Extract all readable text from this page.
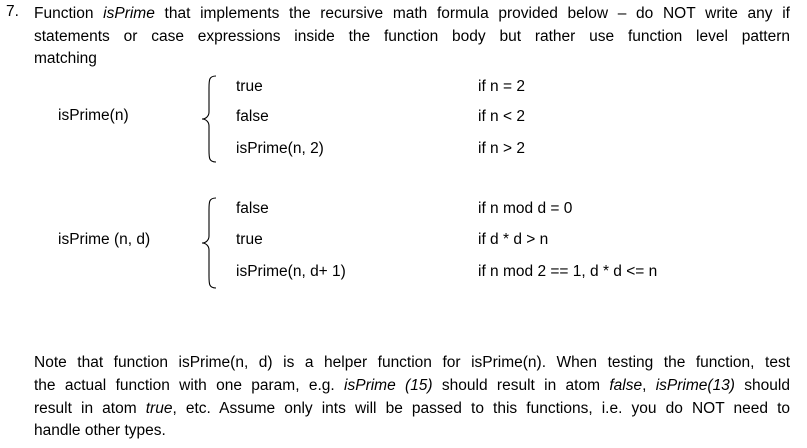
7. Function isPrime that implements the recursive math formula provided below – do NOT write any if
statements or case expressions inside the function body but rather use function level pattern
matching
isPrime(n)
true
false
isPrime(n, 2)
if n = 2
if n < 2
if n > 2
isPrime (n, d)
false
true
isPrime(n, d+ 1)
if n mod d = 0
if d * d > n
if n mod 2 == 1, d * d <= n
Note that function isPrime(n, d) is a helper function for isPrime(n). When testing the function, test
the actual function with one param, e.g. isPrime (15) should result in atom false, isPrime(13) should
result in atom true, etc. Assume only ints will be passed to this functions, i.e. you do NOT need to
handle other types.
